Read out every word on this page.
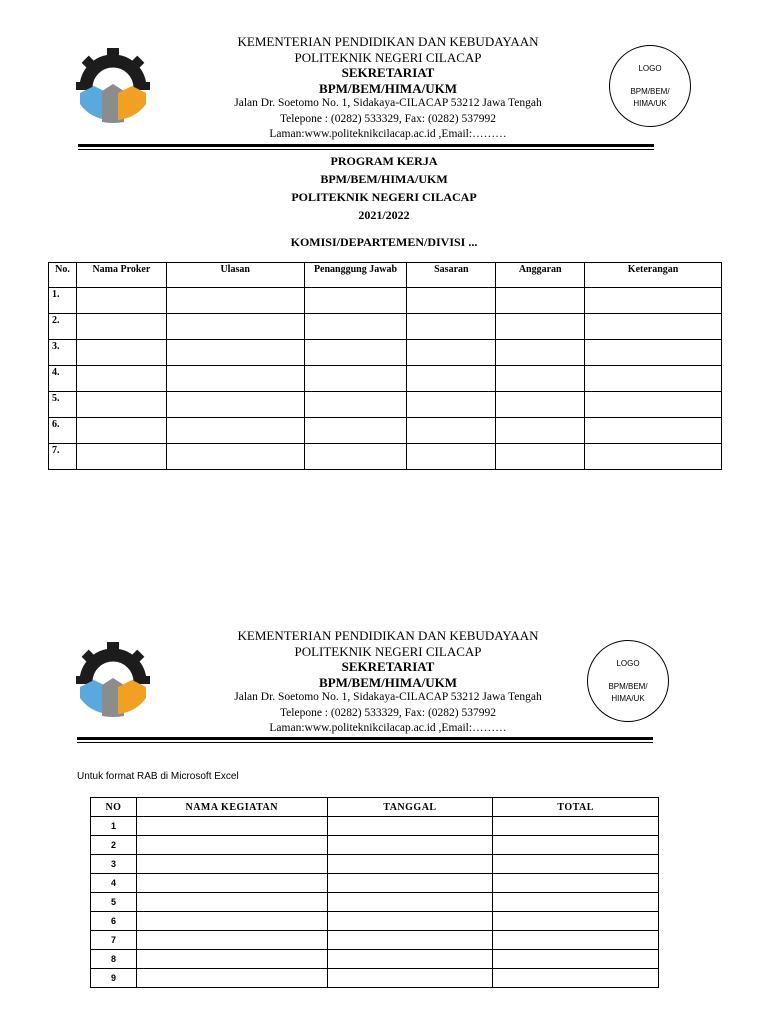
KEMENTERIAN PENDIDIKAN DAN KEBUDAYAAN
POLITEKNIK NEGERI CILACAP
SEKRETARIAT
BPM/BEM/HIMA/UKM
Jalan Dr. Soetomo No. 1, Sidakaya-CILACAP 53212 Jawa Tengah
Telepone : (0282) 533329, Fax: (0282) 537992
Laman:www.politeknikcilacap.ac.id ,Email:………
LOGO
BPM/BEM/
HIMA/UK
PROGRAM KERJA
BPM/BEM/HIMA/UKM
POLITEKNIK NEGERI CILACAP
2021/2022
KOMISI/DEPARTEMEN/DIVISI ...
No.	Nama Proker	Ulasan	Penanggung Jawab	Sasaran	Anggaran	Keterangan
1.						
2.						
3.						
4.						
5.						
6.						
7.						
KEMENTERIAN PENDIDIKAN DAN KEBUDAYAAN
POLITEKNIK NEGERI CILACAP
SEKRETARIAT
BPM/BEM/HIMA/UKM
Jalan Dr. Soetomo No. 1, Sidakaya-CILACAP 53212 Jawa Tengah
Telepone : (0282) 533329, Fax: (0282) 537992
Laman:www.politeknikcilacap.ac.id ,Email:………
LOGO
BPM/BEM/
HIMA/UK
Untuk format RAB di Microsoft Excel
NO	NAMA KEGIATAN	TANGGAL	TOTAL
1			
2			
3			
4			
5			
6			
7			
8			
9			
